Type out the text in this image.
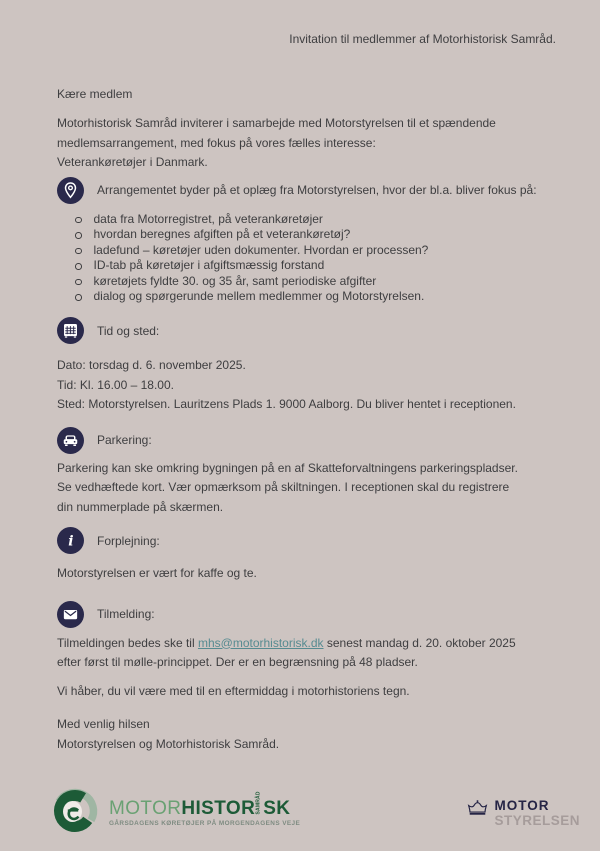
Invitation til medlemmer af Motorhistorisk Samråd.
Kære medlem
Motorhistorisk Samråd inviterer i samarbejde med Motorstyrelsen til et spændende
medlemsarrangement, med fokus på vores fælles interesse:
Veterankøretøjer i Danmark.
Arrangementet byder på et oplæg fra Motorstyrelsen, hvor der bl.a. bliver fokus på:
data fra Motorregistret, på veterankøretøjer
hvordan beregnes afgiften på et veterankøretøj?
ladefund – køretøjer uden dokumenter. Hvordan er processen?
ID-tab på køretøjer i afgiftsmæssig forstand
køretøjets fyldte 30. og 35 år, samt periodiske afgifter
dialog og spørgerunde mellem medlemmer og Motorstyrelsen.
Tid og sted:
Dato: torsdag d. 6. november 2025.
Tid: Kl. 16.00 – 18.00.
Sted: Motorstyrelsen. Lauritzens Plads 1. 9000 Aalborg. Du bliver hentet i receptionen.
Parkering:
Parkering kan ske omkring bygningen på en af Skatteforvaltningens parkeringspladser.
Se vedhæftede kort. Vær opmærksom på skiltningen. I receptionen skal du registrere
din nummerplade på skærmen.
i Forplejning:
Motorstyrelsen er vært for kaffe og te.
Tilmelding:
Tilmeldingen bedes ske til mhs@motorhistorisk.dk senest mandag d. 20. oktober 2025 efter først til mølle-princippet. Der er en begrænsning på 48 pladser.
Vi håber, du vil være med til en eftermiddag i motorhistoriens tegn.
Med venlig hilsen
Motorstyrelsen og Motorhistorisk Samråd.
MOTOR HISTOR SAMRÅD SK
GÅRSDAGENS KØRETØJER PÅ MORGENDAGENS VEJE
MOTOR
STYRELSEN
